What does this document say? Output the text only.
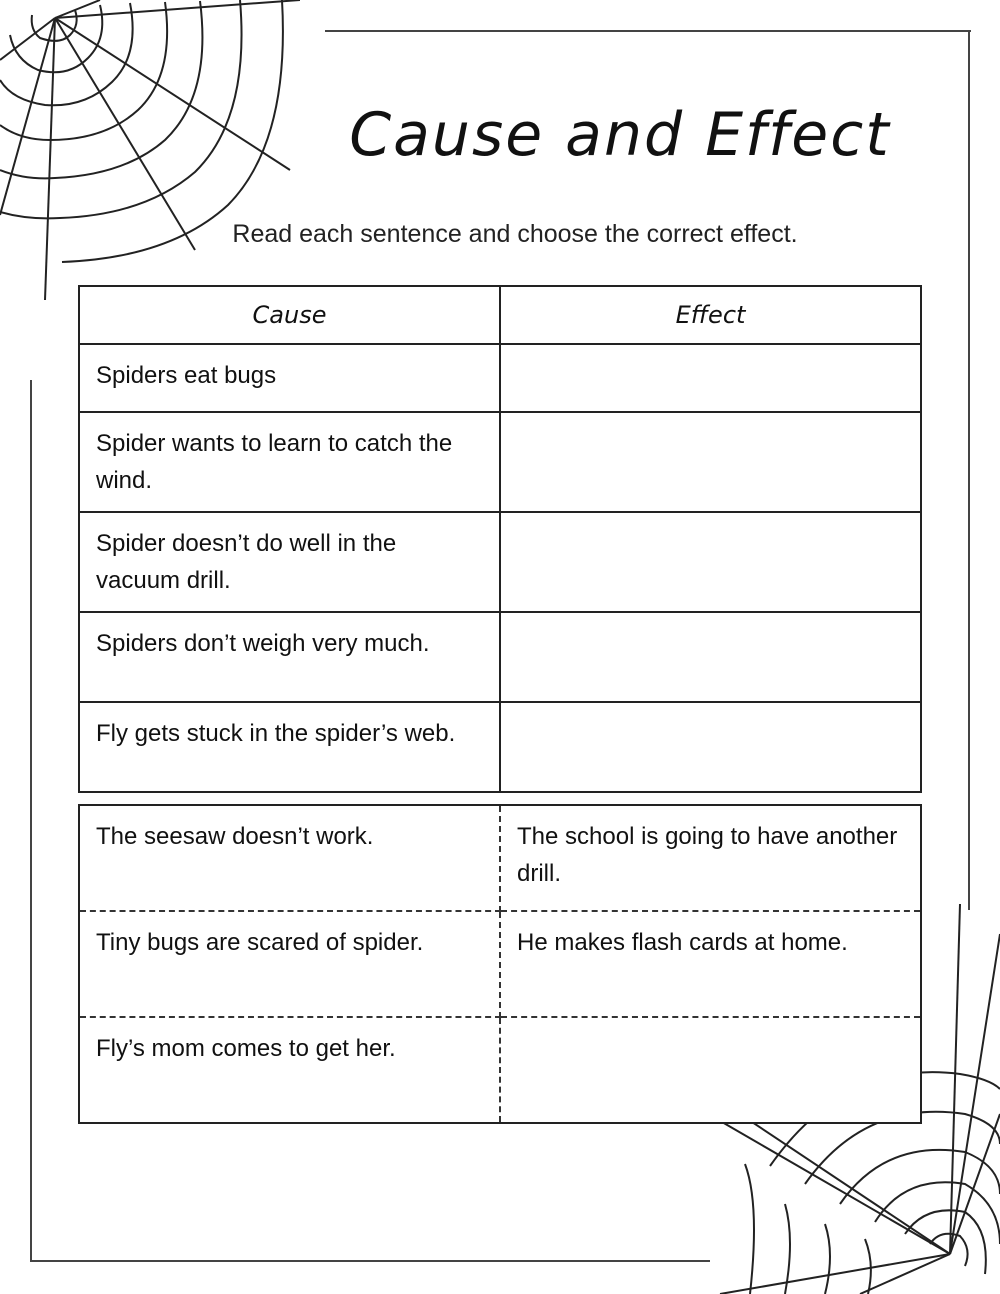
Cause and Effect

Read each sentence and choose the correct effect.

Cause	Effect
Spiders eat bugs	
Spider wants to learn to catch the wind.	
Spider doesn’t do well in the vacuum drill.	
Spiders don’t weigh very much.	
Fly gets stuck in the spider’s web.	
The seesaw doesn’t work.	The school is going to have another drill.
Tiny bugs are scared of spider.	He makes flash cards at home.
Fly’s mom comes to get her.	
